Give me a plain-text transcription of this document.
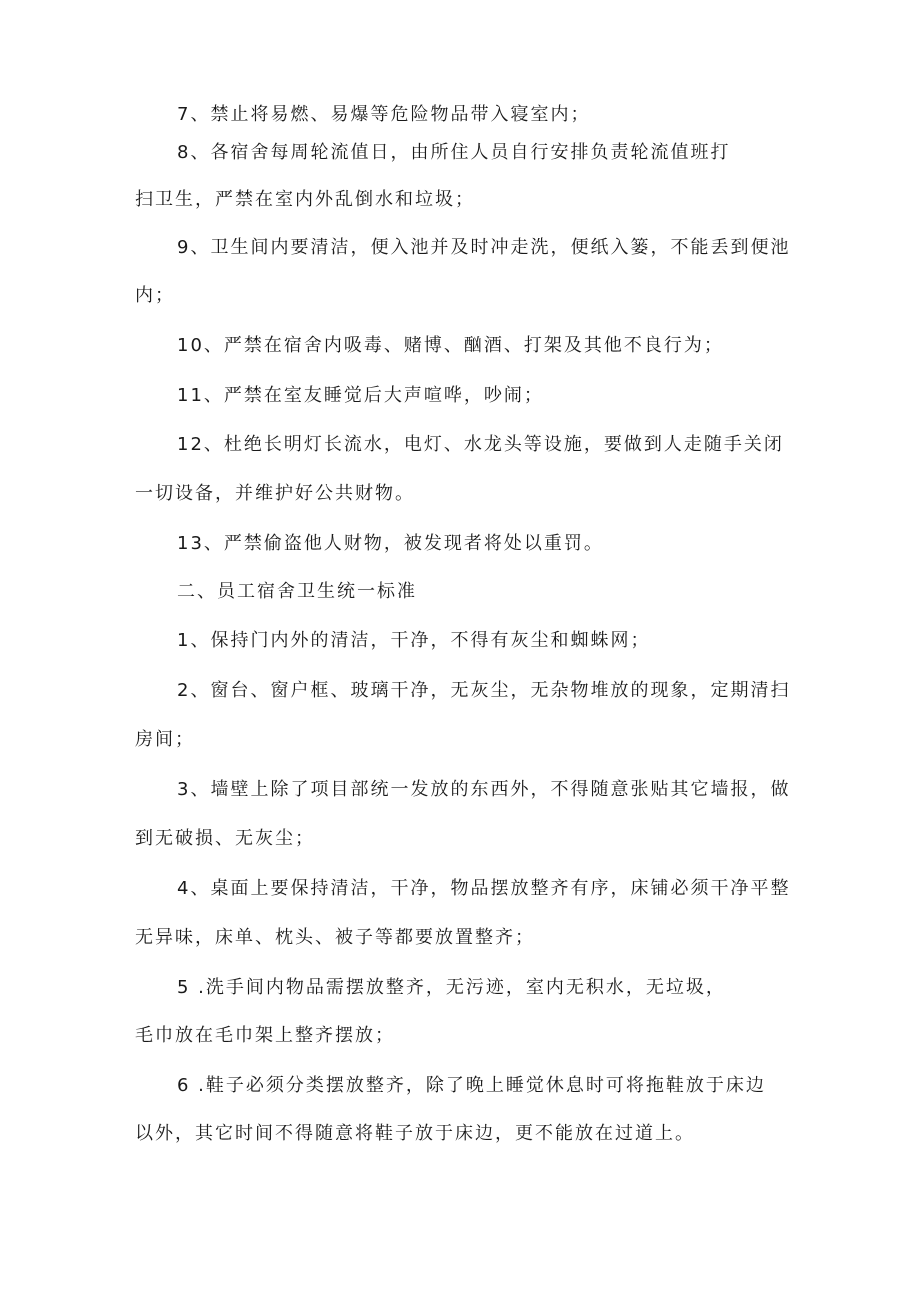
7、禁止将易燃、易爆等危险物品带入寝室内；
8、各宿舍每周轮流值日，由所住人员自行安排负责轮流值班打
扫卫生，严禁在室内外乱倒水和垃圾；
9、卫生间内要清洁，便入池并及时冲走洗，便纸入篓，不能丢到便池
内；
10、严禁在宿舍内吸毒、赌博、酗酒、打架及其他不良行为；
11、严禁在室友睡觉后大声喧哗，吵闹；
12、杜绝长明灯长流水，电灯、水龙头等设施，要做到人走随手关闭
一切设备，并维护好公共财物。
13、严禁偷盗他人财物，被发现者将处以重罚。
二、员工宿舍卫生统一标准
1、保持门内外的清洁，干净，不得有灰尘和蜘蛛网；
2、窗台、窗户框、玻璃干净，无灰尘，无杂物堆放的现象，定期清扫
房间；
3、墙壁上除了项目部统一发放的东西外，不得随意张贴其它墙报，做
到无破损、无灰尘；
4、桌面上要保持清洁，干净，物品摆放整齐有序，床铺必须干净平整
无异味，床单、枕头、被子等都要放置整齐；
5 .洗手间内物品需摆放整齐，无污迹，室内无积水，无垃圾，
毛巾放在毛巾架上整齐摆放；
6 .鞋子必须分类摆放整齐，除了晚上睡觉休息时可将拖鞋放于床边
以外，其它时间不得随意将鞋子放于床边，更不能放在过道上。
